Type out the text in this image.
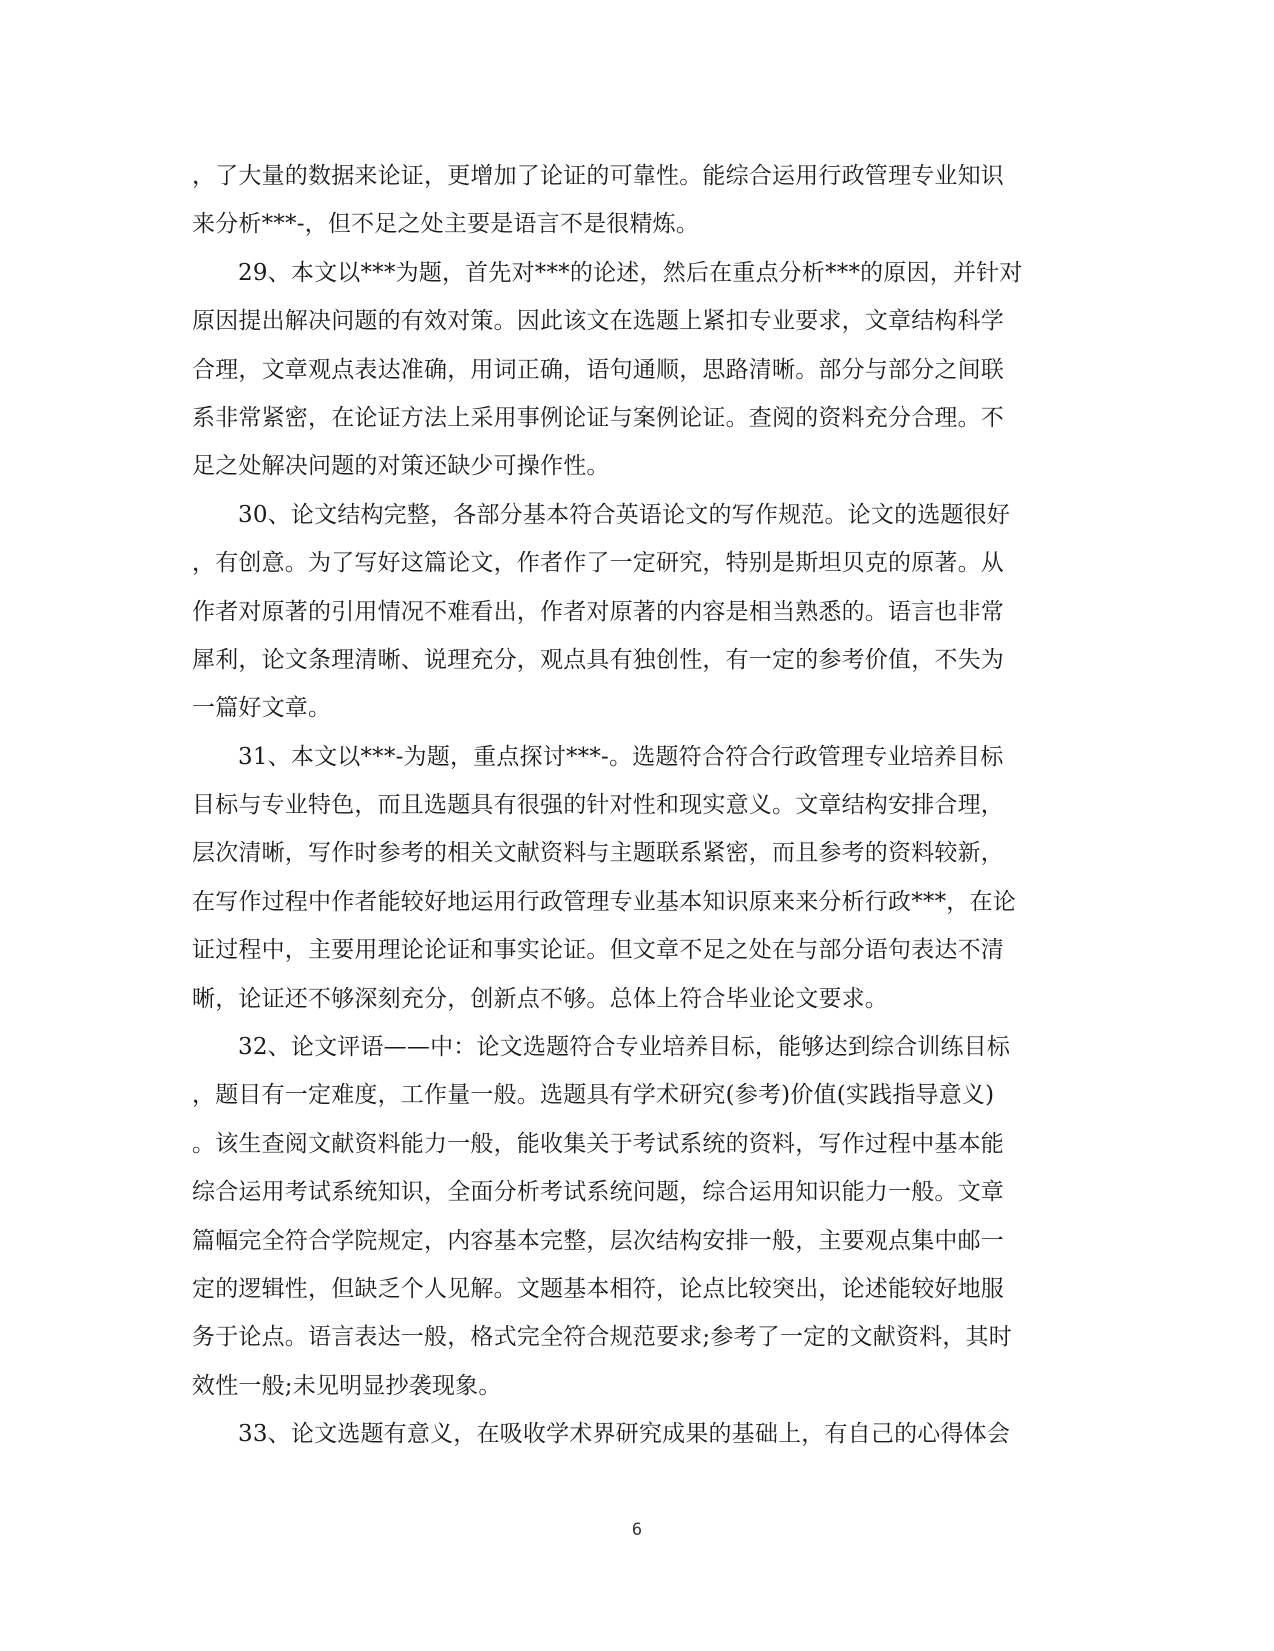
，了大量的数据来论证，更增加了论证的可靠性。能综合运用行政管理专业知识
来分析***-，但不足之处主要是语言不是很精炼。
29、本文以***为题，首先对***的论述，然后在重点分析***的原因，并针对
原因提出解决问题的有效对策。因此该文在选题上紧扣专业要求，文章结构科学
合理，文章观点表达准确，用词正确，语句通顺，思路清晰。部分与部分之间联
系非常紧密，在论证方法上采用事例论证与案例论证。查阅的资料充分合理。不
足之处解决问题的对策还缺少可操作性。
30、论文结构完整，各部分基本符合英语论文的写作规范。论文的选题很好
，有创意。为了写好这篇论文，作者作了一定研究，特别是斯坦贝克的原著。从
作者对原著的引用情况不难看出，作者对原著的内容是相当熟悉的。语言也非常
犀利，论文条理清晰、说理充分，观点具有独创性，有一定的参考价值，不失为
一篇好文章。
31、本文以***-为题，重点探讨***-。选题符合符合行政管理专业培养目标
目标与专业特色，而且选题具有很强的针对性和现实意义。文章结构安排合理，
层次清晰，写作时参考的相关文献资料与主题联系紧密，而且参考的资料较新，
在写作过程中作者能较好地运用行政管理专业基本知识原来来分析行政***，在论
证过程中，主要用理论论证和事实论证。但文章不足之处在与部分语句表达不清
晰，论证还不够深刻充分，创新点不够。总体上符合毕业论文要求。
32、论文评语——中：论文选题符合专业培养目标，能够达到综合训练目标
，题目有一定难度，工作量一般。选题具有学术研究(参考)价值(实践指导意义)
。该生查阅文献资料能力一般，能收集关于考试系统的资料，写作过程中基本能
综合运用考试系统知识，全面分析考试系统问题，综合运用知识能力一般。文章
篇幅完全符合学院规定，内容基本完整，层次结构安排一般，主要观点集中邮一
定的逻辑性，但缺乏个人见解。文题基本相符，论点比较突出，论述能较好地服
务于论点。语言表达一般，格式完全符合规范要求;参考了一定的文献资料，其时
效性一般;未见明显抄袭现象。
33、论文选题有意义，在吸收学术界研究成果的基础上，有自己的心得体会
6
